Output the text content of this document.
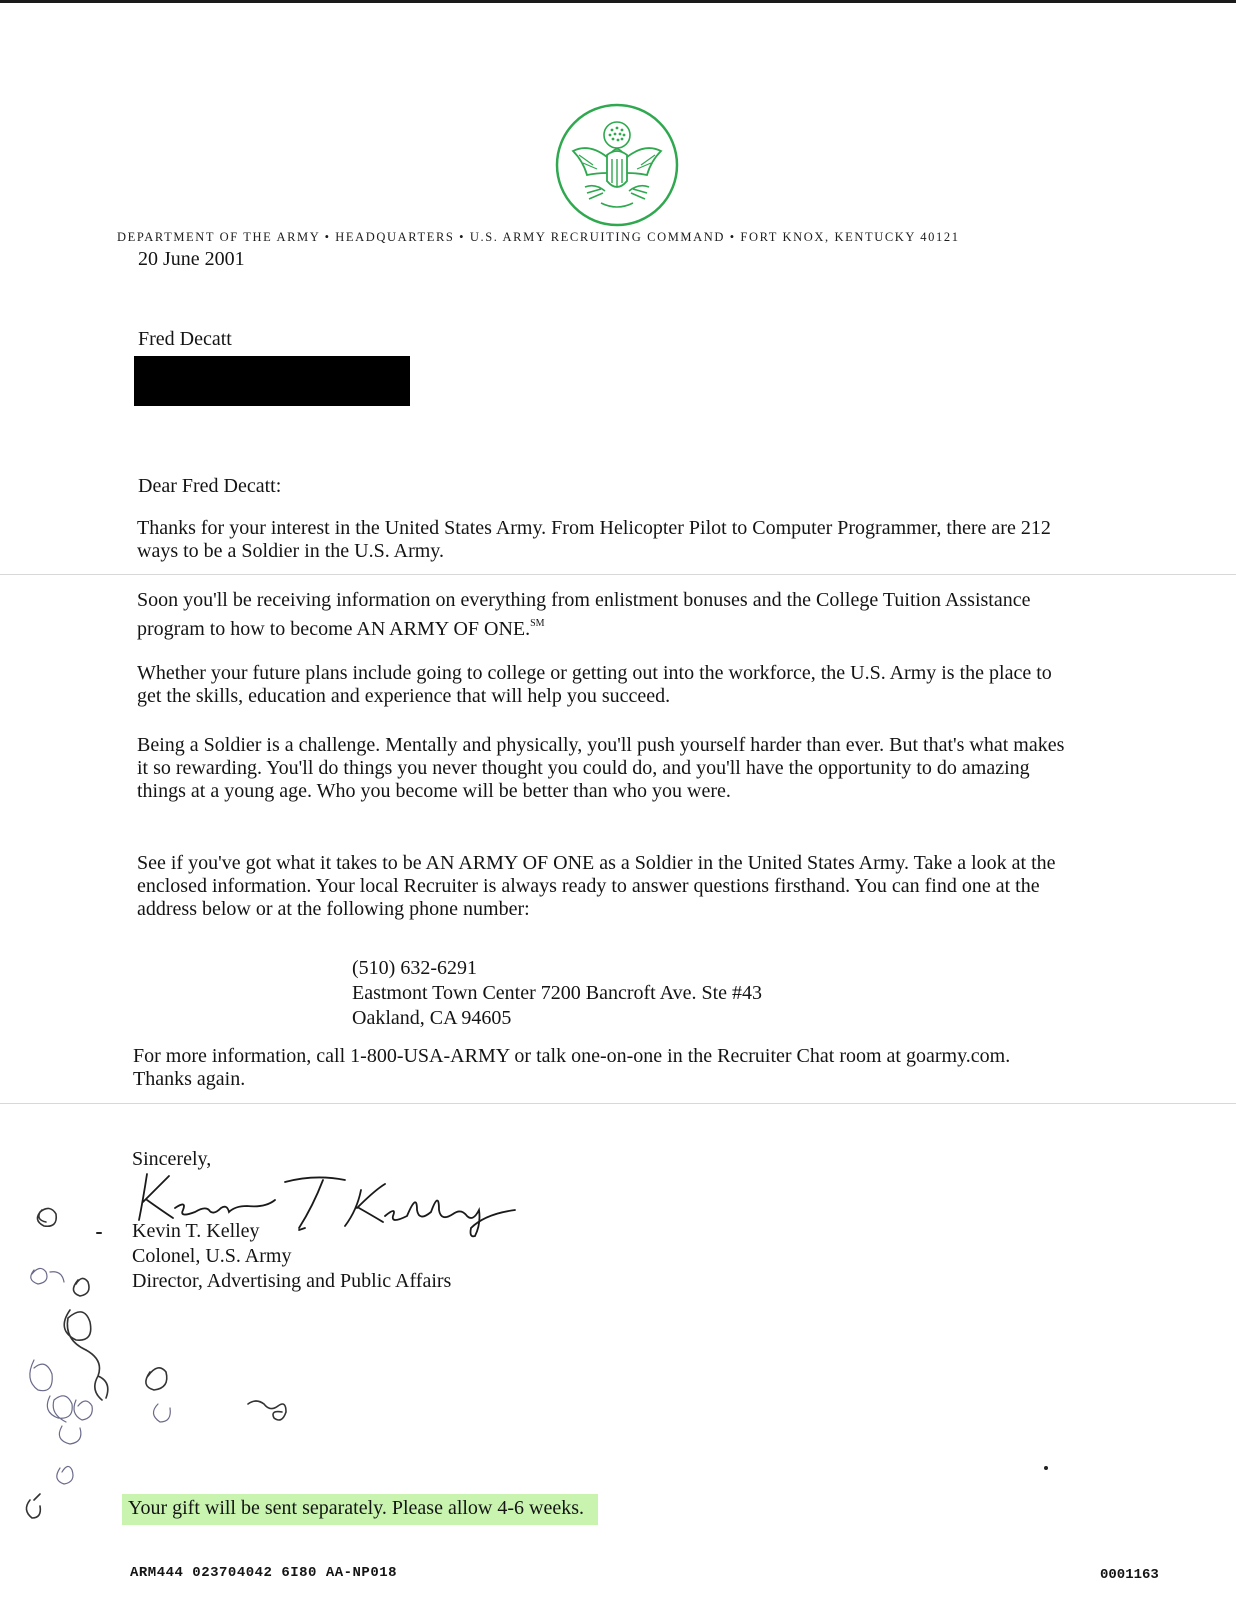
DEPARTMENT OF THE ARMY • HEADQUARTERS • U.S. ARMY RECRUITING COMMAND • FORT KNOX, KENTUCKY 40121
20 June 2001
Fred Decatt
Dear Fred Decatt:

Thanks for your interest in the United States Army. From Helicopter Pilot to Computer Programmer, there are 212 ways to be a Soldier in the U.S. Army.

Soon you'll be receiving information on everything from enlistment bonuses and the College Tuition Assistance program to how to become AN ARMY OF ONE.℠

Whether your future plans include going to college or getting out into the workforce, the U.S. Army is the place to get the skills, education and experience that will help you succeed.

Being a Soldier is a challenge. Mentally and physically, you'll push yourself harder than ever. But that's what makes it so rewarding. You'll do things you never thought you could do, and you'll have the opportunity to do amazing things at a young age. Who you become will be better than who you were.

See if you've got what it takes to be AN ARMY OF ONE as a Soldier in the United States Army. Take a look at the enclosed information. Your local Recruiter is always ready to answer questions firsthand. You can find one at the address below or at the following phone number:

(510) 632-6291
Eastmont Town Center 7200 Bancroft Ave. Ste #43
Oakland, CA 94605

For more information, call 1-800-USA-ARMY or talk one-on-one in the Recruiter Chat room at goarmy.com. Thanks again.

Sincerely,
Kevin T. Kelley
Colonel, U.S. Army
Director, Advertising and Public Affairs
Your gift will be sent separately. Please allow 4-6 weeks.
ARM444 023704042 6I80 AA-NP018	0001163
